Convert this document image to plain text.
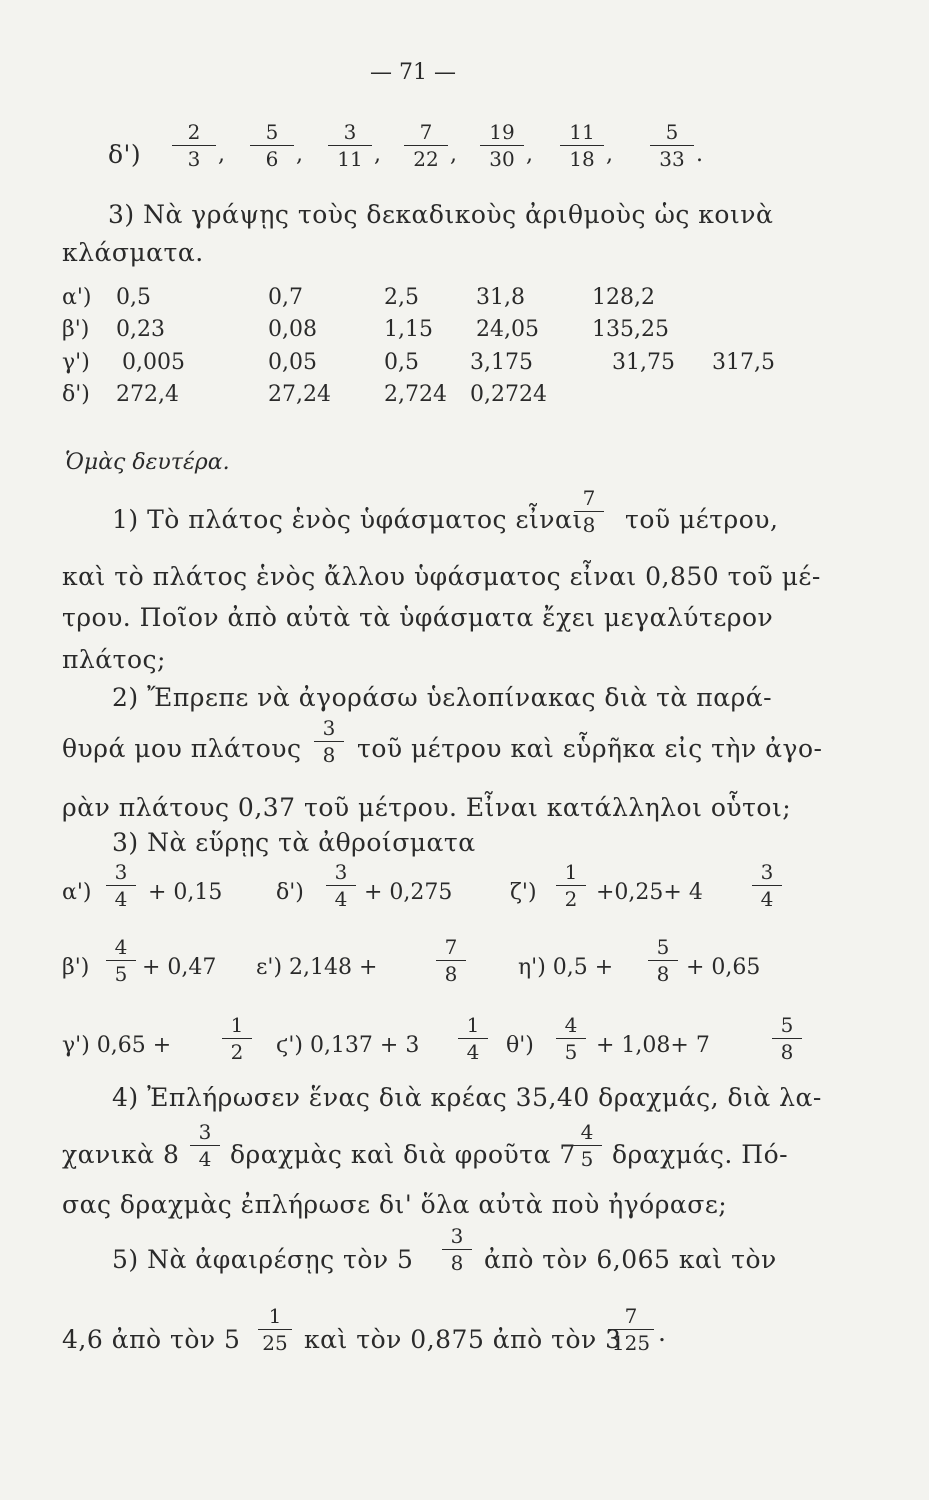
— 71 —
δ')
2
3 ,
5
6 ,
3
11 ,
7
22 ,
19
30 ,
11
18 ,
5
33 .
3) Νὰ γράψῃς τοὺς δεκαδικοὺς ἀριθμοὺς ὡς κοινὰ
κλάσματα.
α') 0,5	0,7	2,5	31,8	128,2
β') 0,23	0,08	1,15 24,05 135,25
γ') 0,005	0,05	0,5 3,175	31,75 317,5
δ') 272,4	27,24 2,724 0,2724
Ὁμὰς δευτέρα.
1) Τὸ πλάτος ἑνὸς ὑφάσματος εἶναι
7
8	τοῦ μέτρου,
καὶ τὸ πλάτος ἑνὸς ἄλλου ὑφάσματος εἶναι 0,850 τοῦ μέ-
τρου. Ποῖον ἀπὸ αὐτὰ τὰ ὑφάσματα ἔχει μεγαλύτερον
πλάτος;
2) Ἔπρεπε νὰ ἀγοράσω ὑελοπίνακας διὰ τὰ παρά-
θυρά μου πλάτους
3
8 τοῦ μέτρου καὶ εὗρῆκα εἰς τὴν ἀγο-
ρὰν πλάτους 0,37 τοῦ μέτρου. Εἶναι κατάλληλοι οὗτοι;
3) Νὰ εὕρῃς τὰ ἀθροίσματα
α')
3
4 + 0,15 δ')
3
4 + 0,275	ζ')
1
2 +0,25+ 4
3
4
β')
4
5 + 0,47 ε') 2,148 +
7
8	η') 0,5 +
5
8 + 0,65
γ') 0,65 +
1
2	ϛ') 0,137 + 3
1
4	θ')
4
5 + 1,08+ 7
5
8
4) Ἐπλήρωσεν ἕνας διὰ κρέας 35,40 δραχμάς, διὰ λα-
χανικὰ 8
3
4 δραχμὰς καὶ διὰ φροῦτα 7
4
5 δραχμάς. Πό-
σας δραχμὰς ἐπλήρωσε δι' ὅλα αὐτὰ ποὺ ἠγόρασε;
5) Νὰ ἀφαιρέσῃς τὸν 5
3
8 ἀπὸ τὸν 6,065 καὶ τὸν
4,6 ἀπὸ τὸν 5
1
25 καὶ τὸν 0,875 ἀπὸ τὸν 3
7
125 .
